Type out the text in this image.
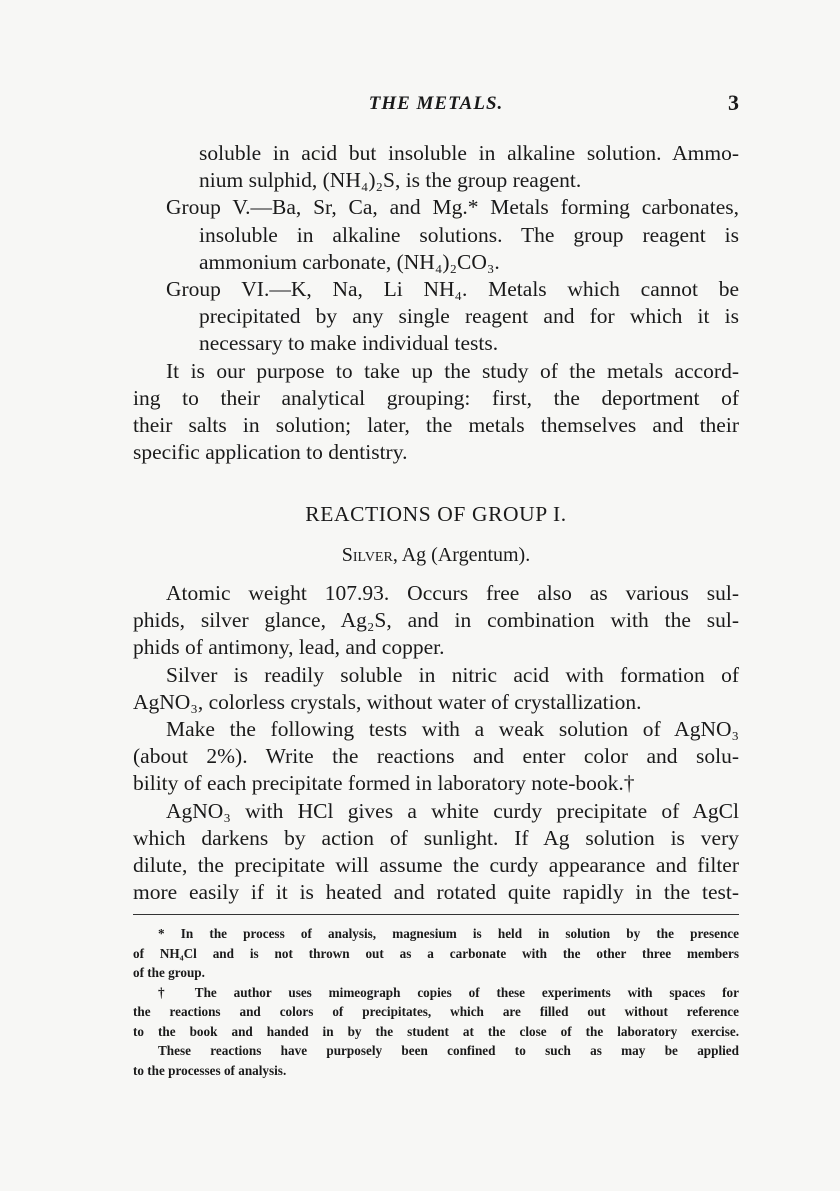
THE METALS.	3
soluble in acid but insoluble in alkaline solution. Ammo-
nium sulphid, (NH₄)₂S, is the group reagent.
Group V.—Ba, Sr, Ca, and Mg.* Metals forming carbonates,
insoluble in alkaline solutions. The group reagent is
ammonium carbonate, (NH₄)₂CO₃.
Group VI.—K, Na, Li NH₄. Metals which cannot be
precipitated by any single reagent and for which it is
necessary to make individual tests.
It is our purpose to take up the study of the metals accord-
ing to their analytical grouping: first, the deportment of
their salts in solution; later, the metals themselves and their
specific application to dentistry.
REACTIONS OF GROUP I.
Silver, Ag (Argentum).
Atomic weight 107.93. Occurs free also as various sul-
phids, silver glance, Ag₂S, and in combination with the sul-
phids of antimony, lead, and copper.
Silver is readily soluble in nitric acid with formation of
AgNO₃, colorless crystals, without water of crystallization.
Make the following tests with a weak solution of AgNO₃
(about 2%). Write the reactions and enter color and solu-
bility of each precipitate formed in laboratory note-book.†
AgNO₃ with HCl gives a white curdy precipitate of AgCl
which darkens by action of sunlight. If Ag solution is very
dilute, the precipitate will assume the curdy appearance and filter
more easily if it is heated and rotated quite rapidly in the test-
* In the process of analysis, magnesium is held in solution by the presence
of NH₄Cl and is not thrown out as a carbonate with the other three members
of the group.
† The author uses mimeograph copies of these experiments with spaces for
the reactions and colors of precipitates, which are filled out without reference
to the book and handed in by the student at the close of the laboratory exercise.
These reactions have purposely been confined to such as may be applied
to the processes of analysis.
